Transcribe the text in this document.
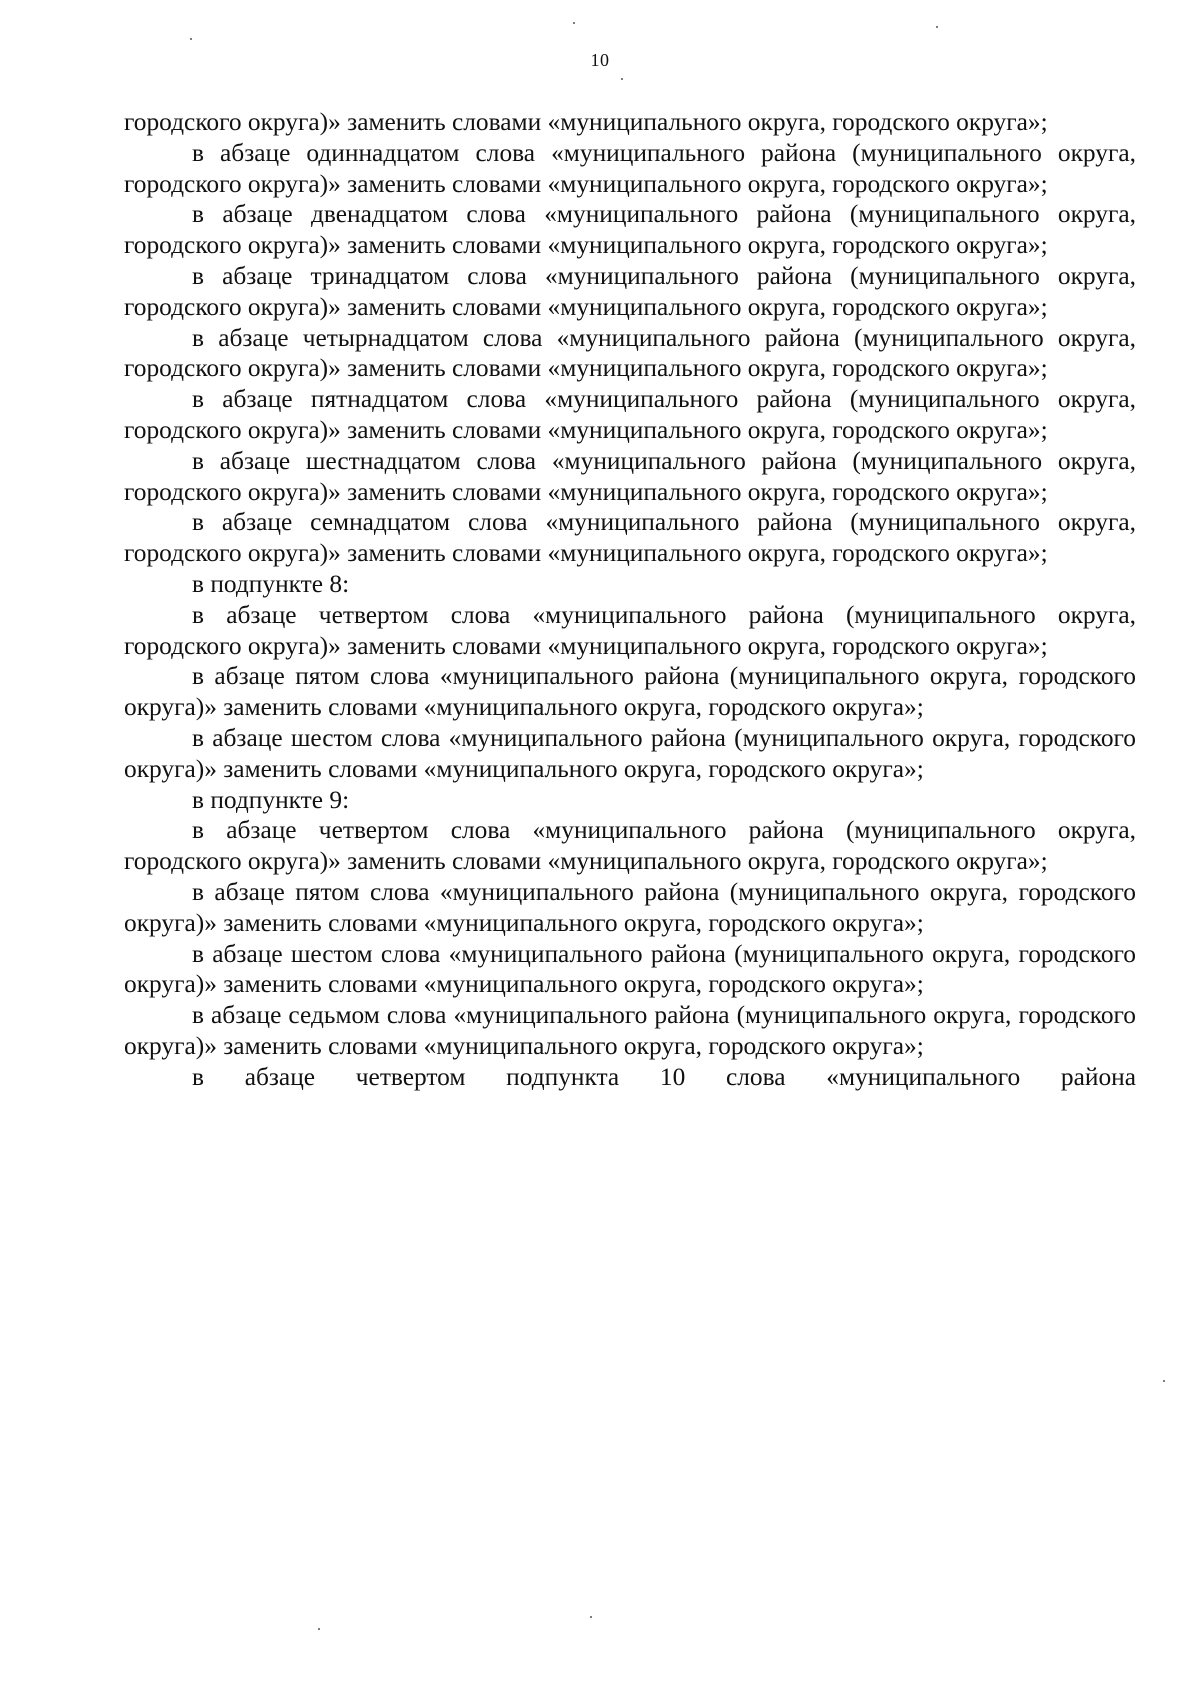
10

городского округа)» заменить словами «муниципального округа, городского округа»;

в абзаце одиннадцатом слова «муниципального района (муниципального округа, городского округа)» заменить словами «муниципального округа, городского округа»;

в абзаце двенадцатом слова «муниципального района (муниципального округа, городского округа)» заменить словами «муниципального округа, городского округа»;

в абзаце тринадцатом слова «муниципального района (муниципального округа, городского округа)» заменить словами «муниципального округа, городского округа»;

в абзаце четырнадцатом слова «муниципального района (муниципального округа, городского округа)» заменить словами «муниципального округа, городского округа»;

в абзаце пятнадцатом слова «муниципального района (муниципального округа, городского округа)» заменить словами «муниципального округа, городского округа»;

в абзаце шестнадцатом слова «муниципального района (муниципального округа, городского округа)» заменить словами «муниципального округа, городского округа»;

в абзаце семнадцатом слова «муниципального района (муниципального округа, городского округа)» заменить словами «муниципального округа, городского округа»;

в подпункте 8:

в абзаце четвертом слова «муниципального района (муниципального округа, городского округа)» заменить словами «муниципального округа, городского округа»;

в абзаце пятом слова «муниципального района (муниципального округа, городского округа)» заменить словами «муниципального округа, городского округа»;

в абзаце шестом слова «муниципального района (муниципального округа, городского округа)» заменить словами «муниципального округа, городского округа»;

в подпункте 9:

в абзаце четвертом слова «муниципального района (муниципального округа, городского округа)» заменить словами «муниципального округа, городского округа»;

в абзаце пятом слова «муниципального района (муниципального округа, городского округа)» заменить словами «муниципального округа, городского округа»;

в абзаце шестом слова «муниципального района (муниципального округа, городского округа)» заменить словами «муниципального округа, городского округа»;

в абзаце седьмом слова «муниципального района (муниципального округа, городского округа)» заменить словами «муниципального округа, городского округа»;

в абзаце четвертом подпункта 10 слова «муниципального района
